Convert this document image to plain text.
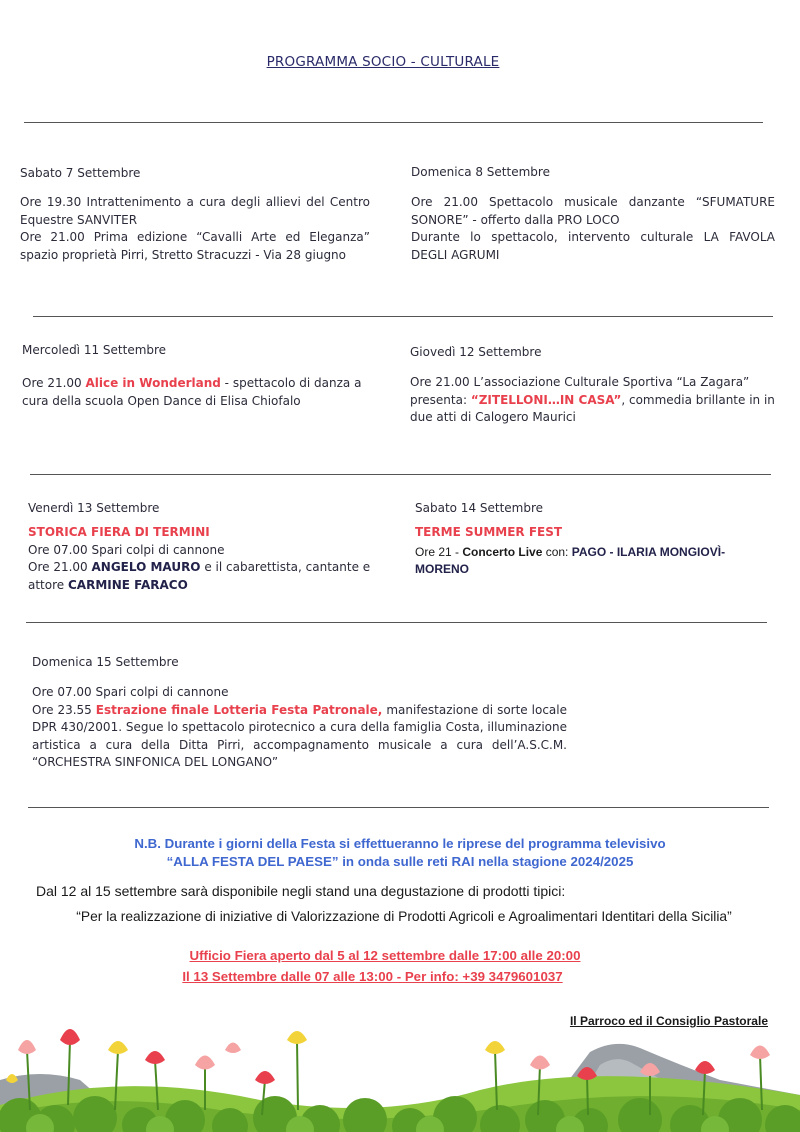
PROGRAMMA SOCIO - CULTURALE
Sabato 7 Settembre
Ore 19.30 Intrattenimento a cura degli allievi del Centro Equestre SANVITER
Ore 21.00 Prima edizione “Cavalli Arte ed Eleganza” spazio proprietà Pirri, Stretto Stracuzzi - Via 28 giugno
Domenica 8 Settembre
Ore 21.00 Spettacolo musicale danzante “SFUMATURE SONORE” - offerto dalla PRO LOCO
Durante lo spettacolo, intervento culturale LA FAVOLA DEGLI AGRUMI
Mercoledì 11 Settembre
Ore 21.00 Alice in Wonderland - spettacolo di danza a cura della scuola Open Dance di Elisa Chiofalo
Giovedì 12 Settembre
Ore 21.00 L’associazione Culturale Sportiva “La Zagara” presenta: “ZITELLONI…IN CASA”, commedia brillante in in due atti di Calogero Maurici
Venerdì 13 Settembre
STORICA FIERA DI TERMINI
Ore 07.00 Spari colpi di cannone
Ore 21.00 ANGELO MAURO e il cabarettista, cantante e attore CARMINE FARACO
Sabato 14 Settembre
TERME SUMMER FEST
Ore 21 - Concerto Live con: PAGO - ILARIA MONGIOVÌ- MORENO
Domenica 15 Settembre
Ore 07.00 Spari colpi di cannone
Ore 23.55 Estrazione finale Lotteria Festa Patronale, manifestazione di sorte locale DPR 430/2001. Segue lo spettacolo pirotecnico a cura della famiglia Costa, illuminazione artistica a cura della Ditta Pirri, accompagnamento musicale a cura dell’A.S.C.M. “ORCHESTRA SINFONICA DEL LONGANO”
N.B. Durante i giorni della Festa si effettueranno le riprese del programma televisivo
“ALLA FESTA DEL PAESE” in onda sulle reti RAI nella stagione 2024/2025
Dal 12 al 15 settembre sarà disponibile negli stand una degustazione di prodotti tipici:
“Per la realizzazione di iniziative di Valorizzazione di Prodotti Agricoli e Agroalimentari Identitari della Sicilia”
Ufficio Fiera aperto dal 5 al 12 settembre dalle 17:00 alle 20:00
Il 13 Settembre dalle 07 alle 13:00 - Per info: +39 3479601037
Il Parroco ed il Consiglio Pastorale
